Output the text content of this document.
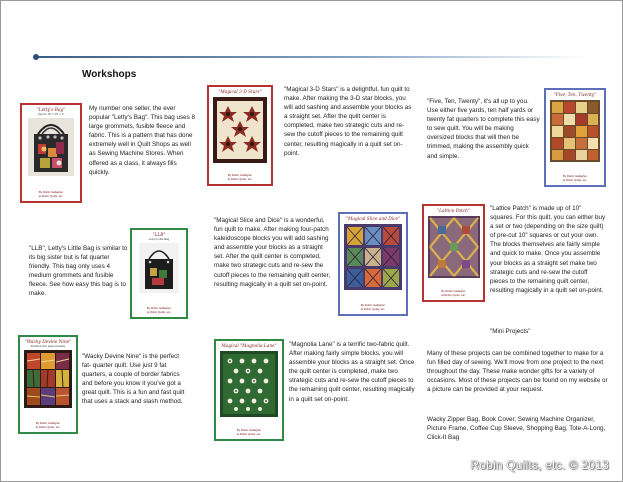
Workshops
"Letty's Bag"
Approx 16" x 16" x 4"
By Robin Gallagher
at Robin Quilts, etc.

My number one seller, the ever popular "Letty's Bag". This bag uses 8 large grommets, fusible fleece and fabric. This is a pattern that has done extremely well in Quilt Shops as well as Sewing Machine Stores. When offered as a class, it always fills quickly.

"LLB"
Letty's Little Bag
By Robin Gallagher
at Robin Quilts, etc.

"LLB", Letty's Little Bag is similar to its big sister but is fat quarter friendly. This bag only uses 4 medium grommets and fusible fleece. See how easy this bag is to make.

"Wacky Devine Nine"
Finished size approximately
By Robin Gallagher
at Robin Quilts, etc.

"Wacky Devine Nine" is the perfect fat- quarter quilt. Use just 9 fat quarters, a couple of border fabrics and before you know it you've got a great quilt. This is a fun and fast quilt that uses a stack and slash method.

"Magical 3-D Stars"
By Robin Gallagher
at Robin Quilts, etc.

"Magical 3-D Stars" is a delightful, fun quilt to make. After making the 3-D star blocks, you will add sashing and assemble your blocks as a straight set. After the quilt center is completed, make two strategic cuts and re-sew the cutoff pieces to the remaining quilt center, resulting magically in a quilt set on-point.

"Magical Slice and Dice"
By Robin Gallagher
at Robin Quilts, etc.

"Magical Slice and Dice" is a wonderful, fun quilt to make. After making four-patch kaleidoscope blocks you will add sashing and assemble your blocks as a straight set. After the quilt center is completed, make two strategic cuts and re-sew the cutoff pieces to the remaining quilt center, resulting magically in a quilt set on-point.

Magical "Magnolia Lane"
By Robin Gallagher
at Robin Quilts, etc.

"Magnolia Lane" is a terrific two-fabric quilt. After making fairly simple blocks, you will assemble your blocks as a straight set. Once the quilt center is completed, make two strategic cuts and re-sew the cutoff pieces to the remaining quilt center, resulting magically in a quilt set on-point.

"Five, Ten, Twenty"
By Robin Gallagher
at Robin Quilts, etc.

"Five, Ten, Twenty", it's all up to you. Use either five yards, ten half yards or twenty fat quarters to complete this easy to sew quilt. You will be making oversized blocks that will then be trimmed, making the assembly quick and simple.

"Lattice Patch"
By Robin Gallagher
at Robin Quilts, etc.

"Lattice Patch" is made up of 10" squares. For this quilt, you can either buy a set or two (depending on the size quilt) of pre-cut 10" squares or cut your own. The blocks themselves are fairly simple and quick to make. Once you assemble your blocks as a straight set make two strategic cuts and re-sew the cutoff pieces to the remaining quilt center, resulting magically in a quilt set on-point.

"Mini Projects"

Many of these projects can be combined together to make for a fun filled day of sewing. We'll move from one project to the next throughout the day. These make wonder gifts for a variety of occasions. Most of these projects can be found on my website or a picture can be provided at your request.

Wacky Zipper Bag, Book Cover, Sewing Machine Organizer, Picture Frame, Coffee Cup Sleeve, Shopping Bag, Tote-A-Long, Click-It Bag

Robin Quilts, etc. © 2013
